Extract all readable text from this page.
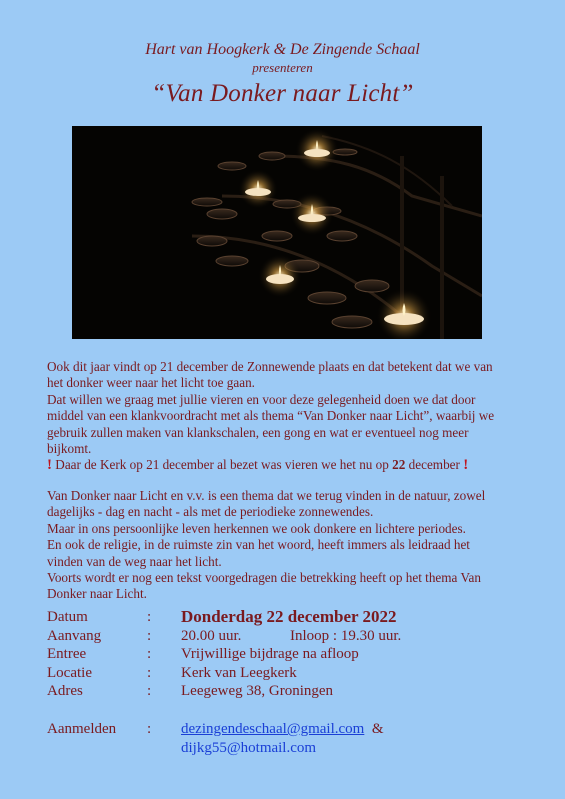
Hart van Hoogkerk & De Zingende Schaal
presenteren
“Van Donker naar Licht”
Ook dit jaar vindt op 21 december de Zonnewende plaats en dat betekent dat we van
het donker weer naar het licht toe gaan.
Dat willen we graag met jullie vieren en voor deze gelegenheid doen we dat door
middel van een klankvoordracht met als thema “Van Donker naar Licht”, waarbij we
gebruik zullen maken van klankschalen, een gong en wat er eventueel nog meer
bijkomt.
! Daar de Kerk op 21 december al bezet was vieren we het nu op 22 december !
Van Donker naar Licht en v.v. is een thema dat we terug vinden in de natuur, zowel
dagelijks - dag en nacht - als met de periodieke zonnewendes.
Maar in ons persoonlijke leven herkennen we ook donkere en lichtere periodes.
En ook de religie, in de ruimste zin van het woord, heeft immers als leidraad het
vinden van de weg naar het licht.
Voorts wordt er nog een tekst voorgedragen die betrekking heeft op het thema Van
Donker naar Licht.
Datum	: Donderdag 22 december 2022
Aanvang	: 20.00 uur.	Inloop : 19.30 uur.
Entree	: Vrijwillige bijdrage na afloop
Locatie	: Kerk van Leegkerk
Adres	: Leegeweg 38, Groningen
Aanmelden : dezingendeschaal@gmail.com &
dijkg55@hotmail.com
